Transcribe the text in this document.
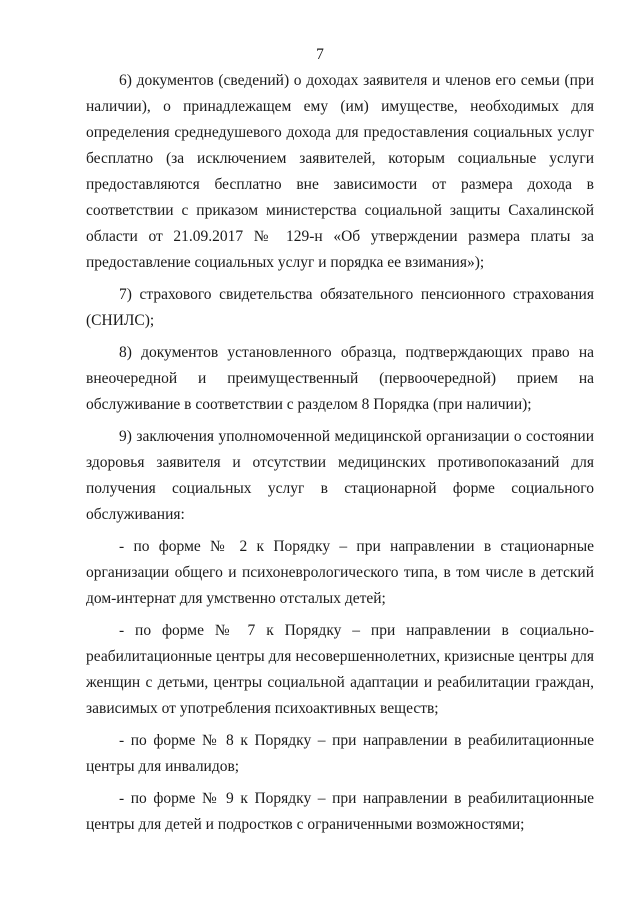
7

6) документов (сведений) о доходах заявителя и членов его семьи (при наличии), о принадлежащем ему (им) имуществе, необходимых для определения среднедушевого дохода для предоставления социальных услуг бесплатно (за исключением заявителей, которым социальные услуги предоставляются бесплатно вне зависимости от размера дохода в соответствии с приказом министерства социальной защиты Сахалинской области от 21.09.2017 № 129-н «Об утверждении размера платы за предоставление социальных услуг и порядка ее взимания»);

7) страхового свидетельства обязательного пенсионного страхования (СНИЛС);

8) документов установленного образца, подтверждающих право на внеочередной и преимущественный (первоочередной) прием на обслуживание в соответствии с разделом 8 Порядка (при наличии);

9) заключения уполномоченной медицинской организации о состоянии здоровья заявителя и отсутствии медицинских противопоказаний для получения социальных услуг в стационарной форме социального обслуживания:

- по форме № 2 к Порядку – при направлении в стационарные организации общего и психоневрологического типа, в том числе в детский дом-интернат для умственно отсталых детей;

- по форме № 7 к Порядку – при направлении в социально-реабилитационные центры для несовершеннолетних, кризисные центры для женщин с детьми, центры социальной адаптации и реабилитации граждан, зависимых от употребления психоактивных веществ;

- по форме № 8 к Порядку – при направлении в реабилитационные центры для инвалидов;

- по форме № 9 к Порядку – при направлении в реабилитационные центры для детей и подростков с ограниченными возможностями;
